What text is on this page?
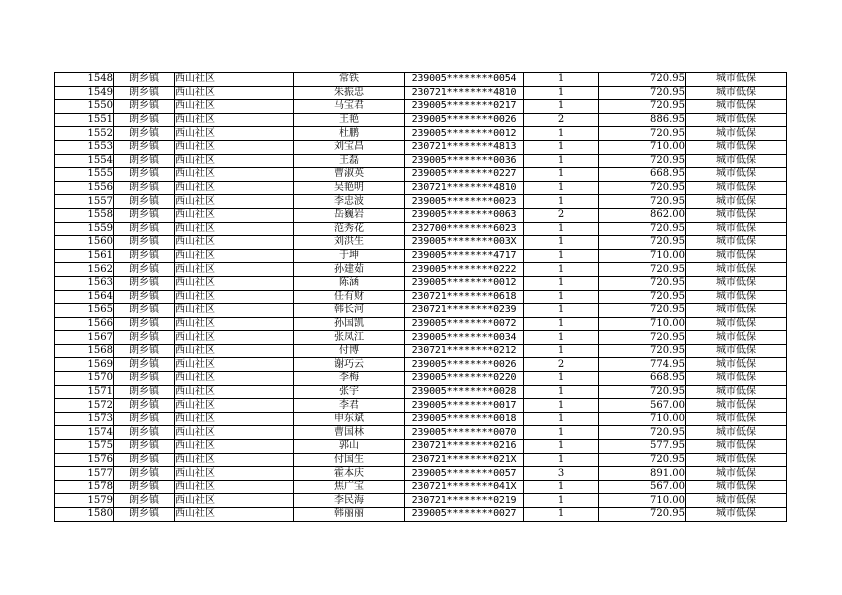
1548	朗乡镇	西山社区	常铁	239005********0054	1	720.95	城市低保
1549	朗乡镇	西山社区	朱振忠	230721********4810	1	720.95	城市低保
1550	朗乡镇	西山社区	马宝君	239005********0217	1	720.95	城市低保
1551	朗乡镇	西山社区	王艳	239005********0026	2	886.95	城市低保
1552	朗乡镇	西山社区	杜鹏	239005********0012	1	720.95	城市低保
1553	朗乡镇	西山社区	刘宝昌	230721********4813	1	710.00	城市低保
1554	朗乡镇	西山社区	王磊	239005********0036	1	720.95	城市低保
1555	朗乡镇	西山社区	曹淑英	239005********0227	1	668.95	城市低保
1556	朗乡镇	西山社区	吴艳明	230721********4810	1	720.95	城市低保
1557	朗乡镇	西山社区	李忠波	239005********0023	1	720.95	城市低保
1558	朗乡镇	西山社区	岳巍岩	239005********0063	2	862.00	城市低保
1559	朗乡镇	西山社区	范秀花	232700********6023	1	720.95	城市低保
1560	朗乡镇	西山社区	刘洪生	239005********003X	1	720.95	城市低保
1561	朗乡镇	西山社区	于坤	239005********4717	1	710.00	城市低保
1562	朗乡镇	西山社区	孙建茹	239005********0222	1	720.95	城市低保
1563	朗乡镇	西山社区	陈涵	239005********0012	1	720.95	城市低保
1564	朗乡镇	西山社区	任有财	230721********0618	1	720.95	城市低保
1565	朗乡镇	西山社区	韩长河	230721********0239	1	720.95	城市低保
1566	朗乡镇	西山社区	孙国凯	239005********0072	1	710.00	城市低保
1567	朗乡镇	西山社区	张凤江	239005********0034	1	720.95	城市低保
1568	朗乡镇	西山社区	付博	230721********0212	1	720.95	城市低保
1569	朗乡镇	西山社区	谢巧云	239005********0026	2	774.95	城市低保
1570	朗乡镇	西山社区	李梅	239005********0220	1	668.95	城市低保
1571	朗乡镇	西山社区	张宇	239005********0028	1	720.95	城市低保
1572	朗乡镇	西山社区	李君	239005********0017	1	567.00	城市低保
1573	朗乡镇	西山社区	申东斌	239005********0018	1	710.00	城市低保
1574	朗乡镇	西山社区	曹国林	239005********0070	1	720.95	城市低保
1575	朗乡镇	西山社区	郭山	230721********0216	1	577.95	城市低保
1576	朗乡镇	西山社区	付国生	230721********021X	1	720.95	城市低保
1577	朗乡镇	西山社区	霍本庆	239005********0057	3	891.00	城市低保
1578	朗乡镇	西山社区	焦广宝	230721********041X	1	567.00	城市低保
1579	朗乡镇	西山社区	李民海	230721********0219	1	710.00	城市低保
1580	朗乡镇	西山社区	韩丽丽	239005********0027	1	720.95	城市低保
